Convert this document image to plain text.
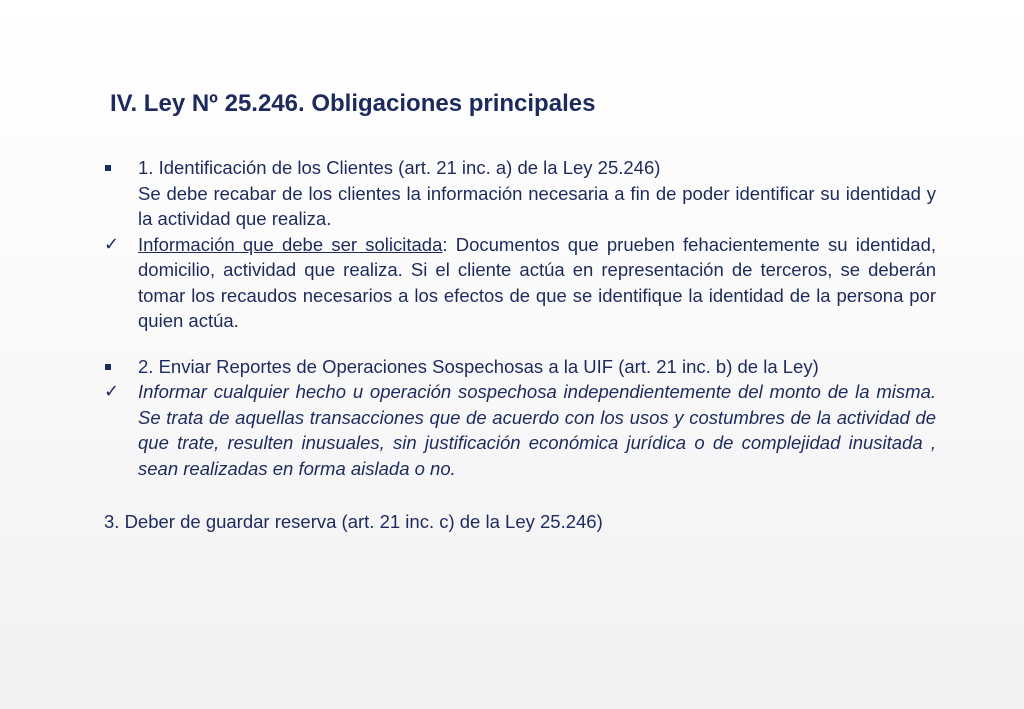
IV. Ley Nº 25.246. Obligaciones principales
1. Identificación de los Clientes (art. 21 inc. a) de la Ley 25.246)
Se debe recabar de los clientes la información necesaria a fin de poder identificar su identidad y la actividad que realiza.
✓ Información que debe ser solicitada: Documentos que prueben fehacientemente su identidad, domicilio, actividad que realiza. Si el cliente actúa en representación de terceros, se deberán tomar los recaudos necesarios a los efectos de que se identifique la identidad de la persona por quien actúa.
2. Enviar Reportes de Operaciones Sospechosas a la UIF (art. 21 inc. b) de la Ley)
✓ Informar cualquier hecho u operación sospechosa independientemente del monto de la misma. Se trata de aquellas transacciones que de acuerdo con los usos y costumbres de la actividad de que trate, resulten inusuales, sin justificación económica jurídica o de complejidad inusitada , sean realizadas en forma aislada o no.
3. Deber de guardar reserva (art. 21 inc. c) de la Ley 25.246)
